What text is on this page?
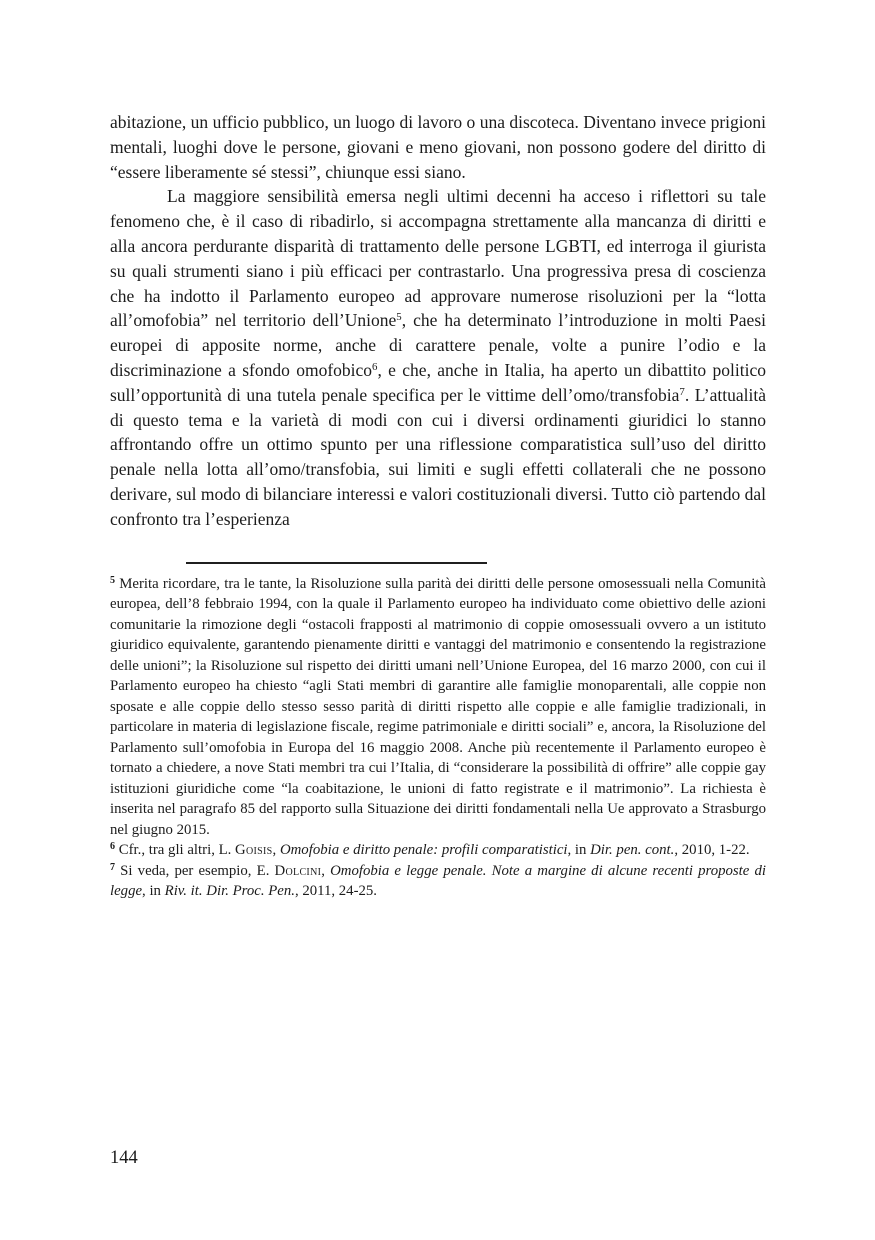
abitazione, un ufficio pubblico, un luogo di lavoro o una discoteca. Diventano invece prigioni mentali, luoghi dove le persone, giovani e meno giovani, non possono godere del diritto di “essere liberamente sé stessi”, chiunque essi siano.

La maggiore sensibilità emersa negli ultimi decenni ha acceso i riflettori su tale fenomeno che, è il caso di ribadirlo, si accompagna strettamente alla mancanza di diritti e alla ancora perdurante disparità di trattamento delle persone LGBTI, ed interroga il giurista su quali strumenti siano i più efficaci per contrastarlo. Una progressiva presa di coscienza che ha indotto il Parlamento europeo ad approvare numerose risoluzioni per la “lotta all’omofobia” nel territorio dell’Unione$^5$, che ha determinato l’introduzione in molti Paesi europei di apposite norme, anche di carattere penale, volte a punire l’odio e la discriminazione a sfondo omofobico$^6$, e che, anche in Italia, ha aperto un dibattito politico sull’opportunità di una tutela penale specifica per le vittime dell’omo/transfobia$^7$. L’attualità di questo tema e la varietà di modi con cui i diversi ordinamenti giuridici lo stanno affrontando offre un ottimo spunto per una riflessione comparatistica sull’uso del diritto penale nella lotta all’omo/transfobia, sui limiti e sugli effetti collaterali che ne possono derivare, sul modo di bilanciare interessi e valori costituzionali diversi. Tutto ciò partendo dal confronto tra l’esperienza

$^5$ Merita ricordare, tra le tante, la Risoluzione sulla parità dei diritti delle persone omosessuali nella Comunità europea, dell’8 febbraio 1994, con la quale il Parlamento europeo ha individuato come obiettivo delle azioni comunitarie la rimozione degli “ostacoli frapposti al matrimonio di coppie omosessuali ovvero a un istituto giuridico equivalente, garantendo pienamente diritti e vantaggi del matrimonio e consentendo la registrazione delle unioni”; la Risoluzione sul rispetto dei diritti umani nell’Unione Europea, del 16 marzo 2000, con cui il Parlamento europeo ha chiesto “agli Stati membri di garantire alle famiglie monoparentali, alle coppie non sposate e alle coppie dello stesso sesso parità di diritti rispetto alle coppie e alle famiglie tradizionali, in particolare in materia di legislazione fiscale, regime patrimoniale e diritti sociali” e, ancora, la Risoluzione del Parlamento sull’omofobia in Europa del 16 maggio 2008. Anche più recentemente il Parlamento europeo è tornato a chiedere, a nove Stati membri tra cui l’Italia, di “considerare la possibilità di offrire” alle coppie gay istituzioni giuridiche come “la coabitazione, le unioni di fatto registrate e il matrimonio”. La richiesta è inserita nel paragrafo 85 del rapporto sulla Situazione dei diritti fondamentali nella Ue approvato a Strasburgo nel giugno 2015.

$^6$ Cfr., tra gli altri, L. Goisis, Omofobia e diritto penale: profili comparatistici, in Dir. pen. cont., 2010, 1-22.

$^7$ Si veda, per esempio, E. Dolcini, Omofobia e legge penale. Note a margine di alcune recenti proposte di legge, in Riv. it. Dir. Proc. Pen., 2011, 24-25.

144
